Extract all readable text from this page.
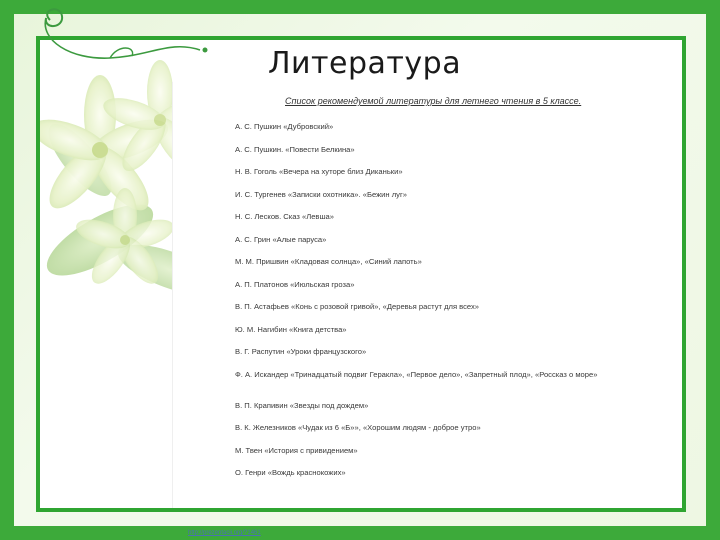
Литература
Список рекомендуемой литературы для летнего чтения в 5 классе.
А. С. Пушкин «Дубровский»
А. С. Пушкин. «Повести Белкина»
Н. В. Гоголь «Вечера на хуторе близ Диканьки»
И. С. Тургенев «Записки охотника». «Бежин луг»
Н. С. Лесков. Сказ «Левша»
А. С. Грин «Алые паруса»
М. М. Пришвин «Кладовая солнца», «Синий лапоть»
А. П. Платонов «Июльская гроза»
В. П. Астафьев «Конь с розовой гривой», «Деревья растут для всех»
Ю. М. Нагибин «Книга детства»
В. Г. Распутин «Уроки французского»
Ф. А. Искандер «Тринадцатый подвиг Геракла», «Первое дело», «Запретный плод», «Россказ о море»
В. П. Крапивин «Звезды под дождем»
В. К. Железников «Чудак из 6 «Б»», «Хорошим людям - доброе утро»
М. Твен «История с привидением»
О. Генри «Вождь краснокожих»
http://prezentacii.org/?1461
